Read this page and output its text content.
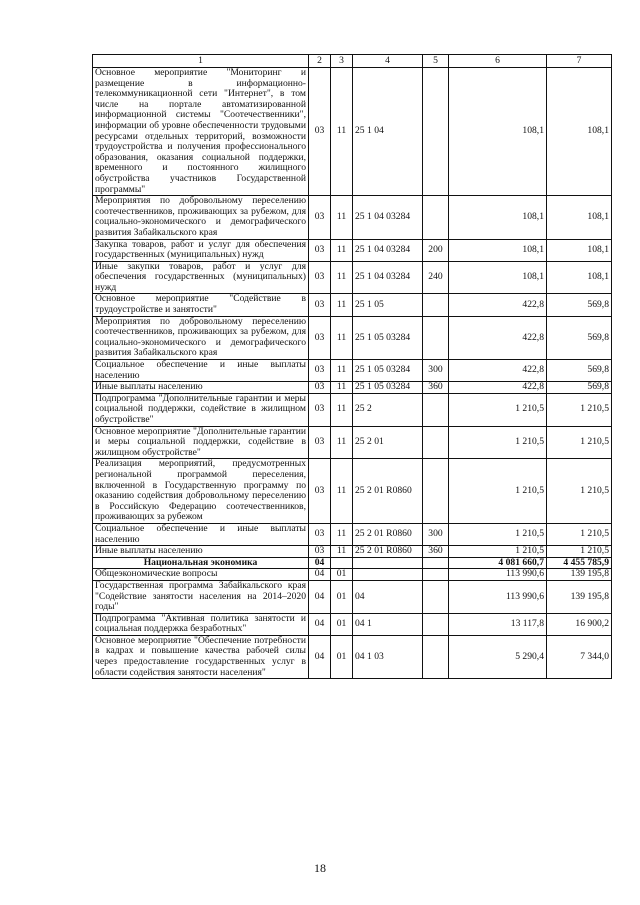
1	2	3	4	5	6	7
Основное мероприятие "Мониторинг и размещение в информационно-телекоммуникационной сети "Интернет", в том числе на портале автоматизированной информационной системы "Соотечественники", информации об уровне обеспеченности трудовыми ресурсами отдельных территорий, возможности трудоустройства и получения профессионального образования, оказания социальной поддержки, временного и постоянного жилищного обустройства участников Государственной программы"	03	11	25 1 04		108,1	108,1
Мероприятия по добровольному переселению соотечественников, проживающих за рубежом, для социально-экономического и демографического развития Забайкальского края	03	11	25 1 04 03284		108,1	108,1
Закупка товаров, работ и услуг для обеспечения государственных (муниципальных) нужд	03	11	25 1 04 03284	200	108,1	108,1
Иные закупки товаров, работ и услуг для обеспечения государственных (муниципальных) нужд	03	11	25 1 04 03284	240	108,1	108,1
Основное мероприятие "Содействие в трудоустройстве и занятости"	03	11	25 1 05		422,8	569,8
Мероприятия по добровольному переселению соотечественников, проживающих за рубежом, для социально-экономического и демографического развития Забайкальского края	03	11	25 1 05 03284		422,8	569,8
Социальное обеспечение и иные выплаты населению	03	11	25 1 05 03284	300	422,8	569,8
Иные выплаты населению	03	11	25 1 05 03284	360	422,8	569,8
Подпрограмма "Дополнительные гарантии и меры социальной поддержки, содействие в жилищном обустройстве"	03	11	25 2		1 210,5	1 210,5
Основное мероприятие "Дополнительные гарантии и меры социальной поддержки, содействие в жилищном обустройстве"	03	11	25 2 01		1 210,5	1 210,5
Реализация мероприятий, предусмотренных региональной программой переселения, включенной в Государственную программу по оказанию содействия добровольному переселению в Российскую Федерацию соотечественников, проживающих за рубежом	03	11	25 2 01 R0860		1 210,5	1 210,5
Социальное обеспечение и иные выплаты населению	03	11	25 2 01 R0860	300	1 210,5	1 210,5
Иные выплаты населению	03	11	25 2 01 R0860	360	1 210,5	1 210,5
Национальная экономика	04				4 081 660,7	4 455 785,9
Общеэкономические вопросы	04	01			113 990,6	139 195,8
Государственная программа Забайкальского края "Содействие занятости населения на 2014–2020 годы"	04	01	04		113 990,6	139 195,8
Подпрограмма "Активная политика занятости и социальная поддержка безработных"	04	01	04 1		13 117,8	16 900,2
Основное мероприятие "Обеспечение потребности в кадрах и повышение качества рабочей силы через предоставление государственных услуг в области содействия занятости населения"	04	01	04 1 03		5 290,4	7 344,0
18
